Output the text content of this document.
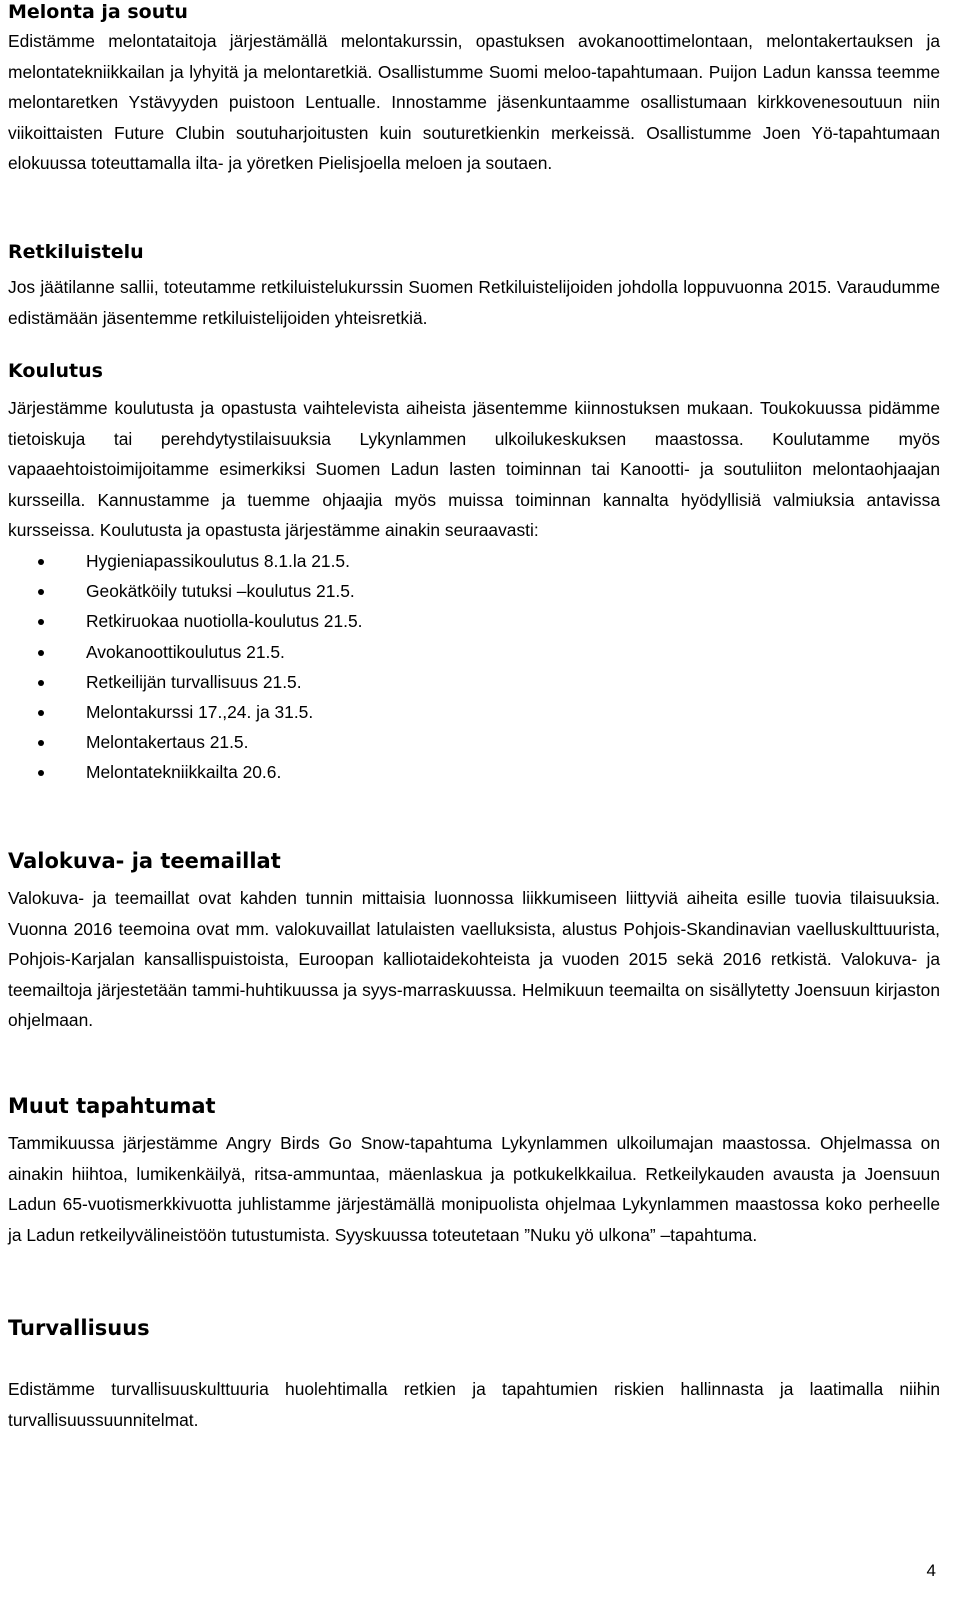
Melonta ja soutu

Edistämme melontataitoja järjestämällä melontakurssin, opastuksen avokanoottimelontaan, melontakertauksen ja melontatekniikkailan ja lyhyitä ja melontaretkiä. Osallistumme Suomi meloo-tapahtumaan. Puijon Ladun kanssa teemme melontaretken Ystävyyden puistoon Lentualle. Innostamme jäsenkuntaamme osallistumaan kirkkovenesoutuun niin viikoittaisten Future Clubin soutuharjoitusten kuin souturetkienkin merkeissä. Osallistumme Joen Yö-tapahtumaan elokuussa toteuttamalla ilta- ja yöretken Pielisjoella meloen ja soutaen.

Retkiluistelu

Jos jäätilanne sallii, toteutamme retkiluistelukurssin Suomen Retkiluistelijoiden johdolla loppuvuonna 2015. Varaudumme edistämään jäsentemme retkiluistelijoiden yhteisretkiä.

Koulutus

Järjestämme koulutusta ja opastusta vaihtelevista aiheista jäsentemme kiinnostuksen mukaan. Toukokuussa pidämme tietoiskuja tai perehdytystilaisuuksia Lykynlammen ulkoilukeskuksen maastossa. Koulutamme myös vapaaehtoistoimijoitamme esimerkiksi Suomen Ladun lasten toiminnan tai Kanootti- ja soutuliiton melontaohjaajan kursseilla. Kannustamme ja tuemme ohjaajia myös muissa toiminnan kannalta hyödyllisiä valmiuksia antavissa kursseissa. Koulutusta ja opastusta järjestämme ainakin seuraavasti:

Hygieniapassikoulutus 8.1.la 21.5.
Geokätköily tutuksi –koulutus 21.5.
Retkiruokaa nuotiolla-koulutus 21.5.
Avokanoottikoulutus 21.5.
Retkeilijän turvallisuus 21.5.
Melontakurssi 17.,24. ja 31.5.
Melontakertaus 21.5.
Melontatekniikkailta 20.6.
Valokuva- ja teemaillat

Valokuva- ja teemaillat ovat kahden tunnin mittaisia luonnossa liikkumiseen liittyviä aiheita esille tuovia tilaisuuksia. Vuonna 2016 teemoina ovat mm. valokuvaillat latulaisten vaelluksista, alustus Pohjois-Skandinavian vaelluskulttuurista, Pohjois-Karjalan kansallispuistoista, Euroopan kalliotaidekohteista ja vuoden 2015 sekä 2016 retkistä. Valokuva- ja teemailtoja järjestetään tammi-huhtikuussa ja syys-marraskuussa. Helmikuun teemailta on sisällytetty Joensuun kirjaston ohjelmaan.

Muut tapahtumat

Tammikuussa järjestämme Angry Birds Go Snow-tapahtuma Lykynlammen ulkoilumajan maastossa. Ohjelmassa on ainakin hiihtoa, lumikenkäilyä, ritsa-ammuntaa, mäenlaskua ja potkukelkkailua. Retkeilykauden avausta ja Joensuun Ladun 65-vuotismerkkivuotta juhlistamme järjestämällä monipuolista ohjelmaa Lykynlammen maastossa koko perheelle ja Ladun retkeilyvälineistöön tutustumista. Syyskuussa toteutetaan ”Nuku yö ulkona” –tapahtuma.

Turvallisuus

Edistämme turvallisuuskulttuuria huolehtimalla retkien ja tapahtumien riskien hallinnasta ja laatimalla niihin turvallisuussuunnitelmat.

4
